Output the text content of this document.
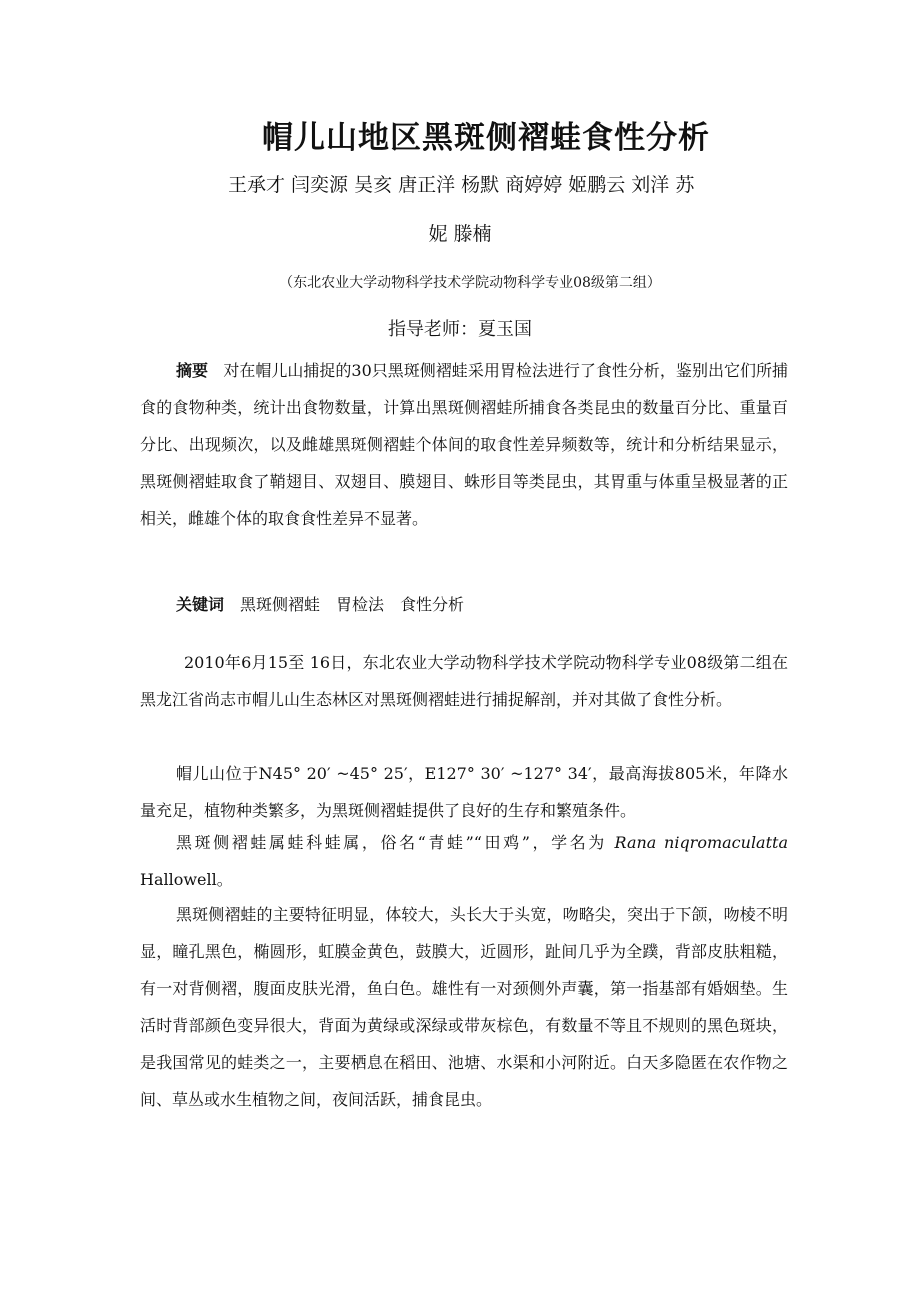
帽儿山地区黑斑侧褶蛙食性分析
王承才 闫奕源 吴亥 唐正洋 杨默 商婷婷 姬鹏云 刘洋 苏
妮 滕楠
（东北农业大学动物科学技术学院动物科学专业08级第二组）
指导老师：夏玉国
摘要 对在帽儿山捕捉的30只黑斑侧褶蛙采用胃检法进行了食性分析，鉴别出它们所捕食的食物种类，统计出食物数量，计算出黑斑侧褶蛙所捕食各类昆虫的数量百分比、重量百分比、出现频次，以及雌雄黑斑侧褶蛙个体间的取食性差异频数等，统计和分析结果显示，黑斑侧褶蛙取食了鞘翅目、双翅目、膜翅目、蛛形目等类昆虫，其胃重与体重呈极显著的正相关，雌雄个体的取食食性差异不显著。
关键词 黑斑侧褶蛙 胃检法 食性分析
2010年6月15至 16日，东北农业大学动物科学技术学院动物科学专业08级第二组在黑龙江省尚志市帽儿山生态林区对黑斑侧褶蛙进行捕捉解剖，并对其做了食性分析。
帽儿山位于N45° 20′ ~45° 25′，E127° 30′ ~127° 34′，最高海拔805米，年降水量充足，植物种类繁多，为黑斑侧褶蛙提供了良好的生存和繁殖条件。
黑斑侧褶蛙属蛙科蛙属，俗名“青蛙”“田鸡”，学名为 Rana niqromaculatta Hallowell。
黑斑侧褶蛙的主要特征明显，体较大，头长大于头宽，吻略尖，突出于下颌，吻棱不明显，瞳孔黑色，椭圆形，虹膜金黄色，鼓膜大，近圆形，趾间几乎为全蹼，背部皮肤粗糙，有一对背侧褶，腹面皮肤光滑，鱼白色。雄性有一对颈侧外声囊，第一指基部有婚姻垫。生活时背部颜色变异很大，背面为黄绿或深绿或带灰棕色，有数量不等且不规则的黑色斑块，是我国常见的蛙类之一，主要栖息在稻田、池塘、水渠和小河附近。白天多隐匿在农作物之间、草丛或水生植物之间，夜间活跃，捕食昆虫。
